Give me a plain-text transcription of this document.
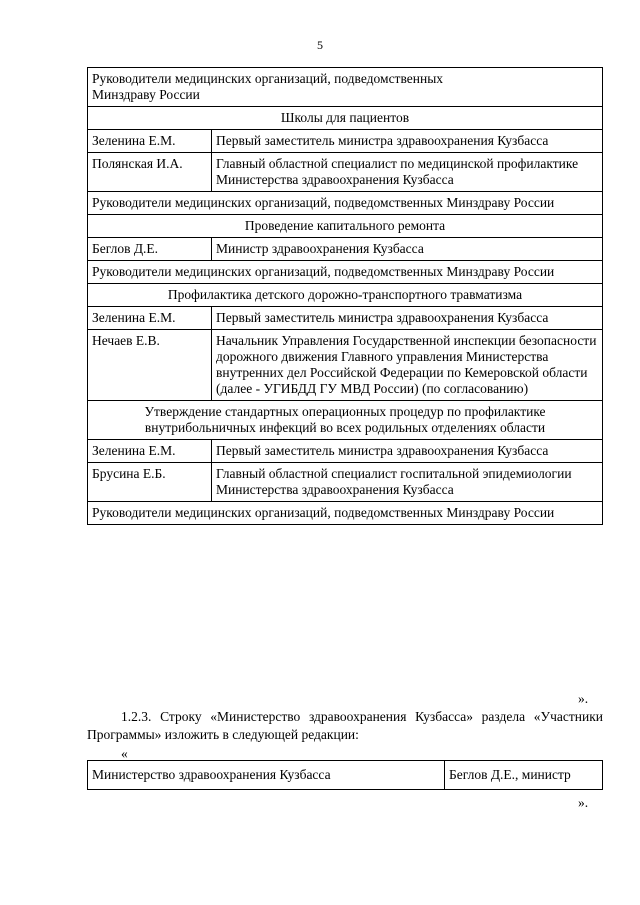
5
Руководители медицинских организаций, подведомственных Минздраву России	
Школы для пациентов	
Зеленина Е.М.	Первый заместитель министра здравоохранения Кузбасса
Полянская И.А.	Главный областной специалист по медицинской профилактике Министерства здравоохранения Кузбасса
Руководители медицинских организаций, подведомственных Минздраву России	
Проведение капитального ремонта	
Беглов Д.Е.	Министр здравоохранения Кузбасса
Руководители медицинских организаций, подведомственных Минздраву России	
Профилактика детского дорожно-транспортного травматизма	
Зеленина Е.М.	Первый заместитель министра здравоохранения Кузбасса
Нечаев Е.В.	Начальник Управления Государственной инспекции безопасности дорожного движения Главного управления Министерства внутренних дел Российской Федерации по Кемеровской области (далее - УГИБДД ГУ МВД России) (по согласованию)
Утверждение стандартных операционных процедур по профилактике внутрибольничных инфекций во всех родильных отделениях области	
Зеленина Е.М.	Первый заместитель министра здравоохранения Кузбасса
Брусина Е.Б.	Главный областной специалист госпитальной эпидемиологии Министерства здравоохранения Кузбасса
Руководители медицинских организаций, подведомственных Минздраву России	
».
1.2.3. Строку «Министерство здравоохранения Кузбасса» раздела «Участники Программы» изложить в следующей редакции:
«
Министерство здравоохранения Кузбасса	Беглов Д.Е., министр
».
